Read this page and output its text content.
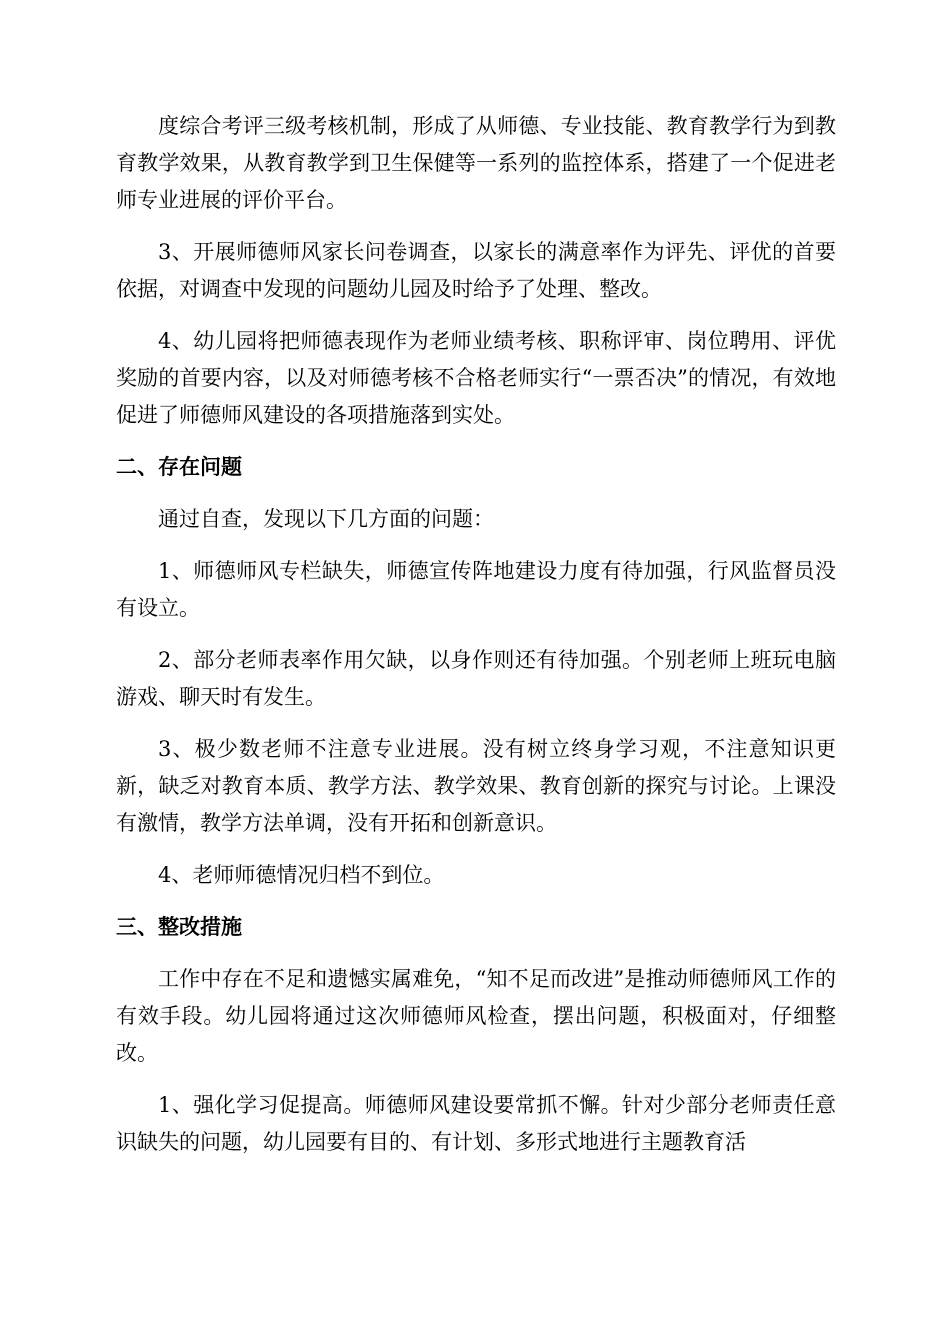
度综合考评三级考核机制，形成了从师德、专业技能、教育教学行为到教育教学效果，从教育教学到卫生保健等一系列的监控体系，搭建了一个促进老师专业进展的评价平台。

3、开展师德师风家长问卷调查，以家长的满意率作为评先、评优的首要依据，对调查中发现的问题幼儿园及时给予了处理、整改。

4、幼儿园将把师德表现作为老师业绩考核、职称评审、岗位聘用、评优奖励的首要内容，以及对师德考核不合格老师实行“一票否决”的情况，有效地促进了师德师风建设的各项措施落到实处。

二、存在问题

通过自查，发现以下几方面的问题：

1、师德师风专栏缺失，师德宣传阵地建设力度有待加强，行风监督员没有设立。

2、部分老师表率作用欠缺，以身作则还有待加强。个别老师上班玩电脑游戏、聊天时有发生。

3、极少数老师不注意专业进展。没有树立终身学习观，不注意知识更新，缺乏对教育本质、教学方法、教学效果、教育创新的探究与讨论。上课没有激情，教学方法单调，没有开拓和创新意识。

4、老师师德情况归档不到位。

三、整改措施

工作中存在不足和遗憾实属难免，“知不足而改进”是推动师德师风工作的有效手段。幼儿园将通过这次师德师风检查，摆出问题，积极面对，仔细整改。

1、强化学习促提高。师德师风建设要常抓不懈。针对少部分老师责任意识缺失的问题，幼儿园要有目的、有计划、多形式地进行主题教育活
